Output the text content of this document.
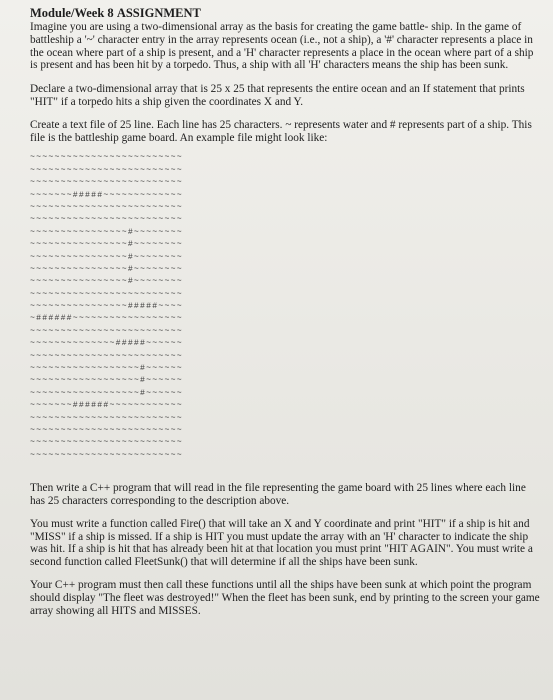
Module/Week 8 ASSIGNMENT

Imagine you are using a two-dimensional array as the basis for creating the game battle- ship. In the game of battleship a '~' character entry in the array represents ocean (i.e., not a ship), a '#' character represents a place in the ocean where part of a ship is present, and a 'H' character represents a place in the ocean where part of a ship is present and has been hit by a torpedo. Thus, a ship with all 'H' characters means the ship has been sunk.

Declare a two-dimensional array that is 25 x 25 that represents the entire ocean and an If statement that prints "HIT" if a torpedo hits a ship given the coordinates X and Y.

Create a text file of 25 line. Each line has 25 characters. ~ represents water and # represents part of a ship. This file is the battleship game board. An example file might look like:

~~~~~~~~~~~~~~~~~~~~~~~~~
~~~~~~~~~~~~~~~~~~~~~~~~~
~~~~~~~~~~~~~~~~~~~~~~~~~
~~~~~~~#####~~~~~~~~~~~~~
~~~~~~~~~~~~~~~~~~~~~~~~~
~~~~~~~~~~~~~~~~~~~~~~~~~
~~~~~~~~~~~~~~~~#~~~~~~~~
~~~~~~~~~~~~~~~~#~~~~~~~~
~~~~~~~~~~~~~~~~#~~~~~~~~
~~~~~~~~~~~~~~~~#~~~~~~~~
~~~~~~~~~~~~~~~~#~~~~~~~~
~~~~~~~~~~~~~~~~~~~~~~~~~
~~~~~~~~~~~~~~~~#####~~~~
~######~~~~~~~~~~~~~~~~~~
~~~~~~~~~~~~~~~~~~~~~~~~~
~~~~~~~~~~~~~~#####~~~~~~
~~~~~~~~~~~~~~~~~~~~~~~~~
~~~~~~~~~~~~~~~~~~#~~~~~~
~~~~~~~~~~~~~~~~~~#~~~~~~
~~~~~~~~~~~~~~~~~~#~~~~~~
~~~~~~~######~~~~~~~~~~~~
~~~~~~~~~~~~~~~~~~~~~~~~~
~~~~~~~~~~~~~~~~~~~~~~~~~
~~~~~~~~~~~~~~~~~~~~~~~~~
~~~~~~~~~~~~~~~~~~~~~~~~~

Then write a C++ program that will read in the file representing the game board with 25 lines where each line has 25 characters corresponding to the description above.

You must write a function called Fire() that will take an X and Y coordinate and print "HIT" if a ship is hit and "MISS" if a ship is missed. If a ship is HIT you must update the array with an 'H' character to indicate the ship was hit. If a ship is hit that has already been hit at that location you must print "HIT AGAIN". You must write a second function called FleetSunk() that will determine if all the ships have been sunk.

Your C++ program must then call these functions until all the ships have been sunk at which point the program should display "The fleet was destroyed!" When the fleet has been sunk, end by printing to the screen your game array showing all HITS and MISSES.
